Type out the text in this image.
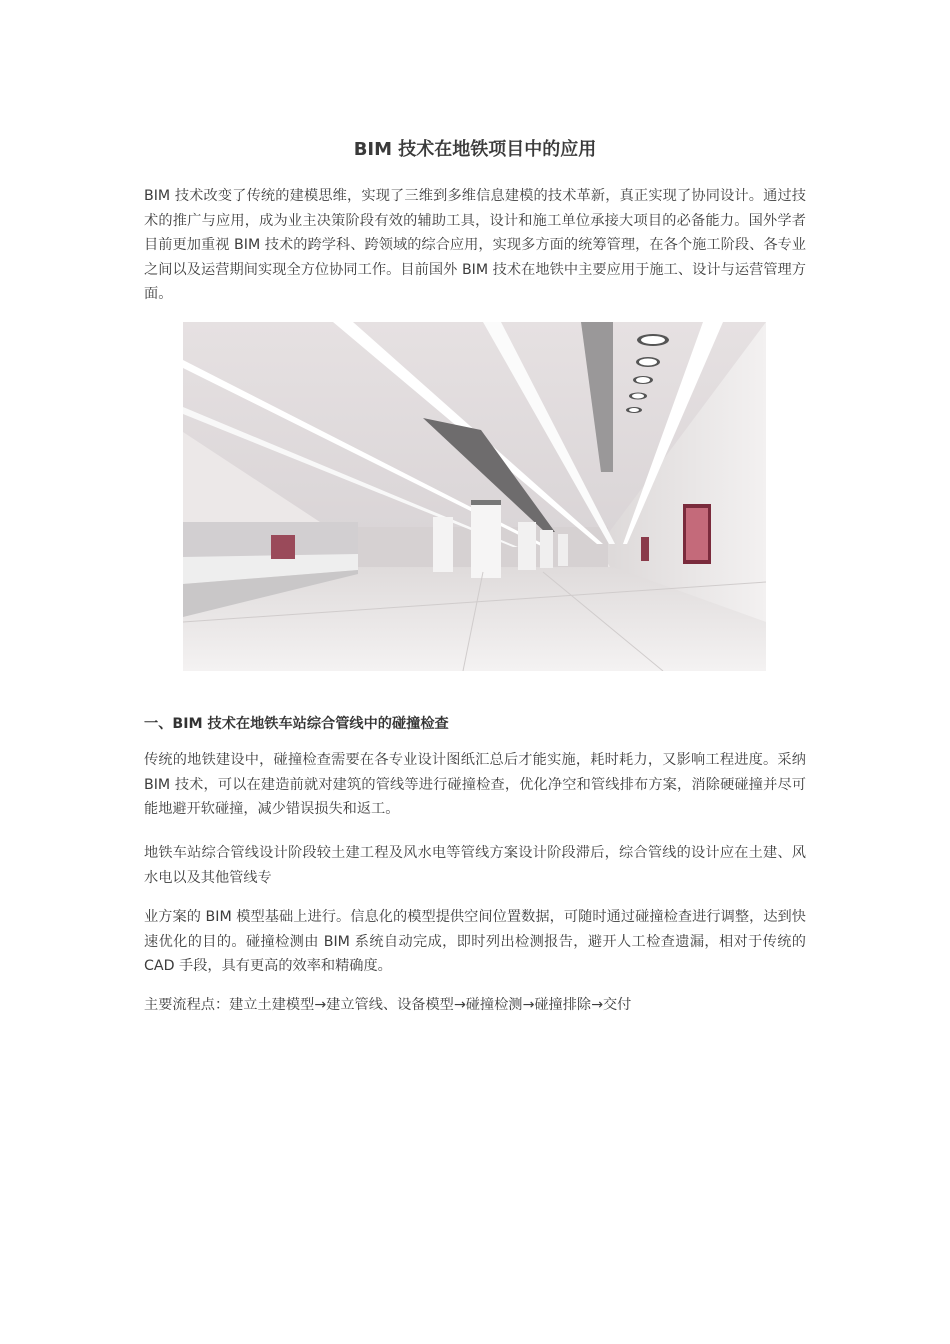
BIM 技术在地铁项目中的应用

BIM 技术改变了传统的建模思维，实现了三维到多维信息建模的技术革新，真正实现了协同设计。通过技术的推广与应用，成为业主决策阶段有效的辅助工具，设计和施工单位承接大项目的必备能力。国外学者目前更加重视 BIM 技术的跨学科、跨领域的综合应用，实现多方面的统筹管理，在各个施工阶段、各专业之间以及运营期间实现全方位协同工作。目前国外 BIM 技术在地铁中主要应用于施工、设计与运营管理方面。

一、BIM 技术在地铁车站综合管线中的碰撞检查

传统的地铁建设中，碰撞检查需要在各专业设计图纸汇总后才能实施，耗时耗力，又影响工程进度。采纳 BIM 技术，可以在建造前就对建筑的管线等进行碰撞检查，优化净空和管线排布方案，消除硬碰撞并尽可能地避开软碰撞，减少错误损失和返工。

地铁车站综合管线设计阶段较土建工程及风水电等管线方案设计阶段滞后，综合管线的设计应在土建、风水电以及其他管线专

业方案的 BIM 模型基础上进行。信息化的模型提供空间位置数据，可随时通过碰撞检查进行调整，达到快速优化的目的。碰撞检测由 BIM 系统自动完成，即时列出检测报告，避开人工检查遗漏，相对于传统的 CAD 手段，具有更高的效率和精确度。

主要流程点：建立土建模型→建立管线、设备模型→碰撞检测→碰撞排除→交付
